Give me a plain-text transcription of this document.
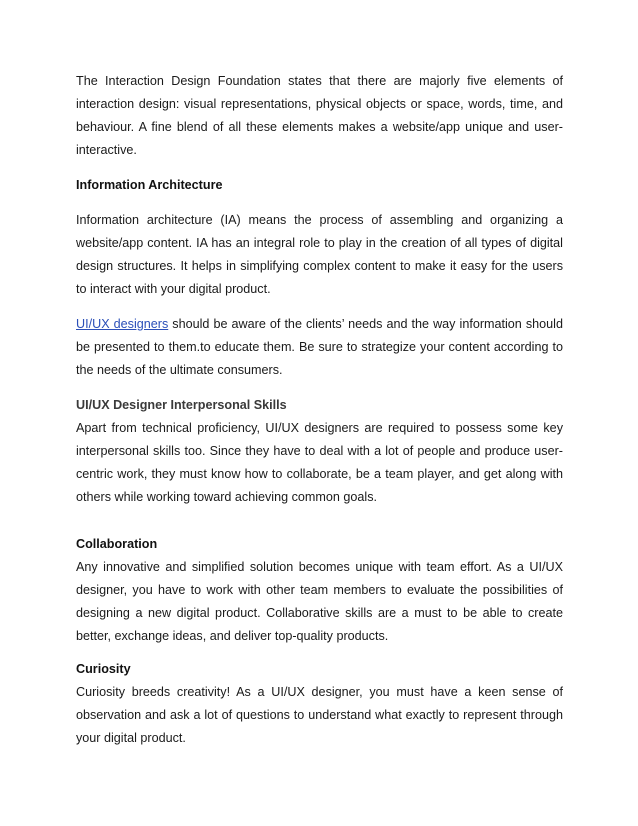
The Interaction Design Foundation states that there are majorly five elements of interaction design: visual representations, physical objects or space, words, time, and behaviour. A fine blend of all these elements makes a website/app unique and user-interactive.

Information Architecture

Information architecture (IA) means the process of assembling and organizing a website/app content. IA has an integral role to play in the creation of all types of digital design structures. It helps in simplifying complex content to make it easy for the users to interact with your digital product.

UI/UX designers should be aware of the clients’ needs and the way information should be presented to them.to educate them. Be sure to strategize your content according to the needs of the ultimate consumers.

UI/UX Designer Interpersonal Skills

Apart from technical proficiency, UI/UX designers are required to possess some key interpersonal skills too. Since they have to deal with a lot of people and produce user-centric work, they must know how to collaborate, be a team player, and get along with others while working toward achieving common goals.

Collaboration

Any innovative and simplified solution becomes unique with team effort. As a UI/UX designer, you have to work with other team members to evaluate the possibilities of designing a new digital product. Collaborative skills are a must to be able to create better, exchange ideas, and deliver top-quality products.

Curiosity

Curiosity breeds creativity! As a UI/UX designer, you must have a keen sense of observation and ask a lot of questions to understand what exactly to represent through your digital product.
